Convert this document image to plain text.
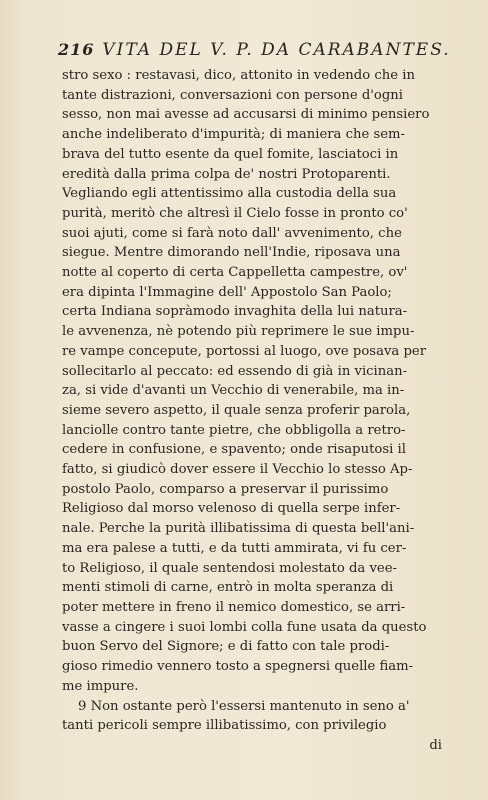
216 VITA DEL V. P. DA CARABANTES.
stro sexo : restavasi, dico, attonito in vedendo che in
tante distrazioni, conversazioni con persone d'ogni
sesso, non mai avesse ad accusarsi di minimo pensiero
anche indeliberato d'impurità; di maniera che sem-
brava del tutto esente da quel fomite, lasciatoci in
eredità dalla prima colpa de' nostri Protoparenti.
Vegliando egli attentissimo alla custodia della sua
purità, meritò che altresì il Cielo fosse in pronto co'
suoi ajuti, come si farà noto dall' avvenimento, che
siegue. Mentre dimorando nell'Indie, riposava una
notte al coperto di certa Cappelletta campestre, ov'
era dipinta l'Immagine dell' Appostolo San Paolo;
certa Indiana sopràmodo invaghita della lui natura-
le avvenenza, nè potendo più reprimere le sue impu-
re vampe concepute, portossi al luogo, ove posava per
sollecitarlo al peccato: ed essendo di già in vicinan-
za, si vide d'avanti un Vecchio di venerabile, ma in-
sieme severo aspetto, il quale senza proferir parola,
lanciolle contro tante pietre, che obbligolla a retro-
cedere in confusione, e spavento; onde risaputosi il
fatto, si giudicò dover essere il Vecchio lo stesso Ap-
postolo Paolo, comparso a preservar il purissimo
Religioso dal morso velenoso di quella serpe infer-
nale. Perche la purità illibatissima di questa bell'ani-
ma era palese a tutti, e da tutti ammirata, vi fu cer-
to Religioso, il quale sentendosi molestato da vee-
menti stimoli di carne, entrò in molta speranza di
poter mettere in freno il nemico domestico, se arri-
vasse a cingere i suoi lombi colla fune usata da questo
buon Servo del Signore; e di fatto con tale prodi-
gioso rimedio vennero tosto a spegnersi quelle fiam-
me impure.
9 Non ostante però l'essersi mantenuto in seno a'
tanti pericoli sempre illibatissimo, con privilegio
di
